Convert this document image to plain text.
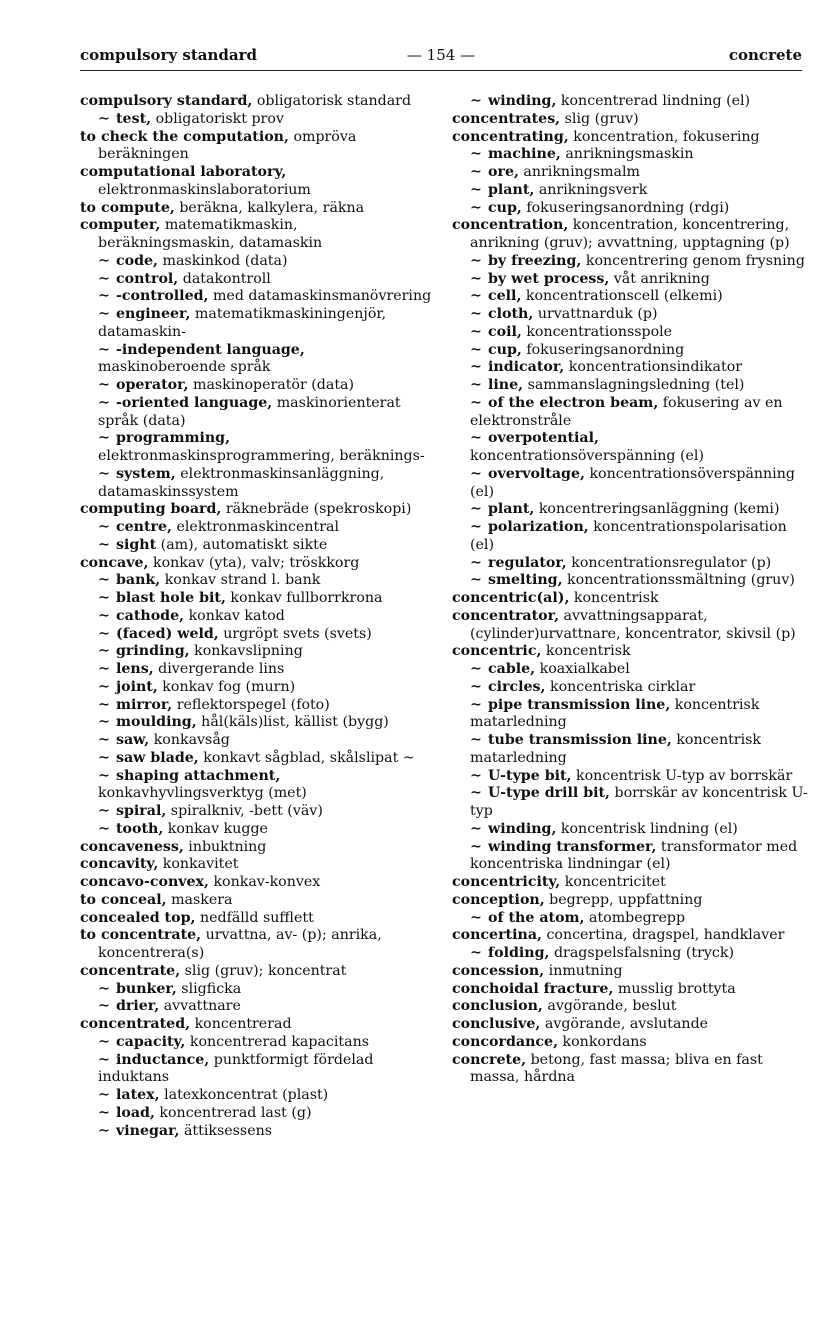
compulsory standard	— 154 —	concrete

compulsory standard, obligatorisk standard

∼ test, obligatoriskt prov

to check the computation, ompröva beräkningen

computational laboratory, elektronmaskinslaboratorium

to compute, beräkna, kalkylera, räkna

computer, matematikmaskin, beräkningsmaskin, datamaskin

∼ code, maskinkod (data)

∼ control, datakontroll

∼ -controlled, med datamaskinsmanövrering

∼ engineer, matematikmaskiningenjör, datamaskin-

∼ -independent language, maskinoberoende språk

∼ operator, maskinoperatör (data)

∼ -oriented language, maskinorienterat språk (data)

∼ programming, elektronmaskinsprogrammering, beräknings-

∼ system, elektronmaskinsanläggning, datamaskinssystem

computing board, räknebräde (spekroskopi)

∼ centre, elektronmaskincentral

∼ sight (am), automatiskt sikte

concave, konkav (yta), valv; tröskkorg

∼ bank, konkav strand l. bank

∼ blast hole bit, konkav fullborrkrona

∼ cathode, konkav katod

∼ (faced) weld, urgröpt svets (svets)

∼ grinding, konkavslipning

∼ lens, divergerande lins

∼ joint, konkav fog (murn)

∼ mirror, reflektorspegel (foto)

∼ moulding, hål(käls)list, källist (bygg)

∼ saw, konkavsåg

∼ saw blade, konkavt sågblad, skålslipat ~

∼ shaping attachment, konkavhyvlingsverktyg (met)

∼ spiral, spiralkniv, -bett (väv)

∼ tooth, konkav kugge

concaveness, inbuktning

concavity, konkavitet

concavo-convex, konkav-konvex

to conceal, maskera

concealed top, nedfälld sufflett

to concentrate, urvattna, av- (p); anrika, koncentrera(s)

concentrate, slig (gruv); koncentrat

∼ bunker, sligficka

∼ drier, avvattnare

concentrated, koncentrerad

∼ capacity, koncentrerad kapacitans

∼ inductance, punktformigt fördelad induktans

∼ latex, latexkoncentrat (plast)

∼ load, koncentrerad last (g)

∼ vinegar, ättiksessens

∼ winding, koncentrerad lindning (el)

concentrates, slig (gruv)

concentrating, koncentration, fokusering

∼ machine, anrikningsmaskin

∼ ore, anrikningsmalm

∼ plant, anrikningsverk

∼ cup, fokuseringsanordning (rdgi)

concentration, koncentration, koncentrering, anrikning (gruv); avvattning, upptagning (p)

∼ by freezing, koncentrering genom frysning

∼ by wet process, våt anrikning

∼ cell, koncentrationscell (elkemi)

∼ cloth, urvattnarduk (p)

∼ coil, koncentrationsspole

∼ cup, fokuseringsanordning

∼ indicator, koncentrationsindikator

∼ line, sammanslagningsledning (tel)

∼ of the electron beam, fokusering av en elektronstråle

∼ overpotential, koncentrationsöverspänning (el)

∼ overvoltage, koncentrationsöverspänning (el)

∼ plant, koncentreringsanläggning (kemi)

∼ polarization, koncentrationspolarisation (el)

∼ regulator, koncentrationsregulator (p)

∼ smelting, koncentrationssmältning (gruv)

concentric(al), koncentrisk

concentrator, avvattningsapparat, (cylinder)urvattnare, koncentrator, skivsil (p)

concentric, koncentrisk

∼ cable, koaxialkabel

∼ circles, koncentriska cirklar

∼ pipe transmission line, koncentrisk matarledning

∼ tube transmission line, koncentrisk matarledning

∼ U-type bit, koncentrisk U-typ av borrskär

∼ U-type drill bit, borrskär av koncentrisk U-typ

∼ winding, koncentrisk lindning (el)

∼ winding transformer, transformator med koncentriska lindningar (el)

concentricity, koncentricitet

conception, begrepp, uppfattning

∼ of the atom, atombegrepp

concertina, concertina, dragspel, handklaver

∼ folding, dragspelsfalsning (tryck)

concession, inmutning

conchoidal fracture, musslig brottyta

conclusion, avgörande, beslut

conclusive, avgörande, avslutande

concordance, konkordans

concrete, betong, fast massa; bliva en fast massa, hårdna
